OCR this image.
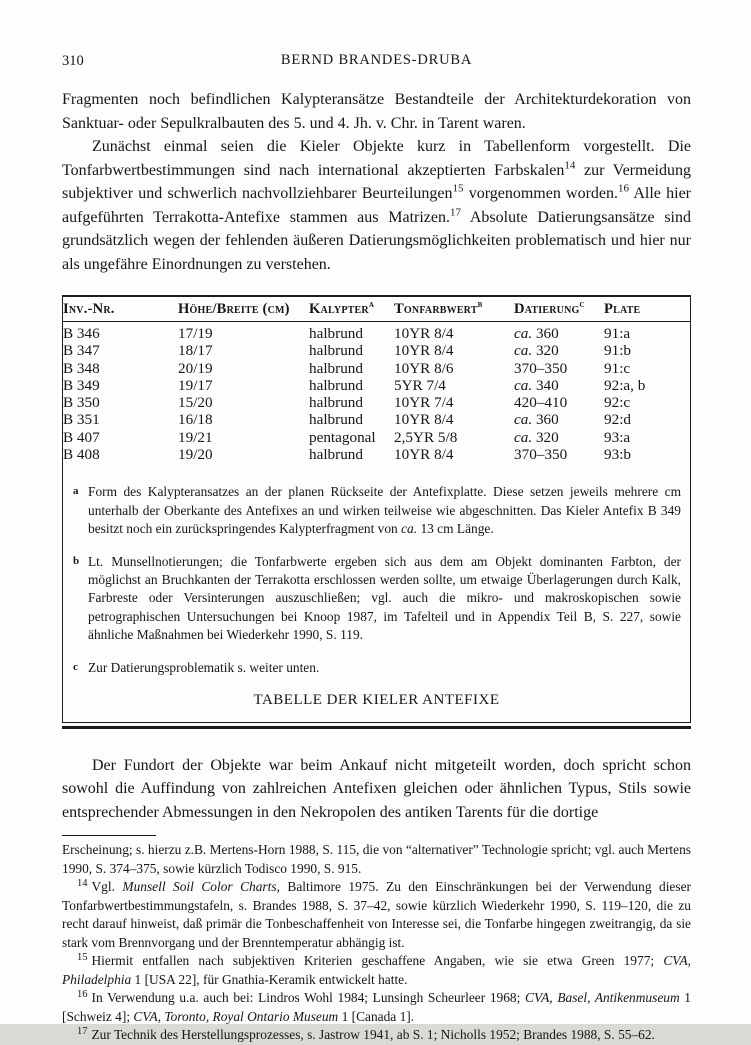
310	BERND BRANDES-DRUBA

Fragmenten noch befindlichen Kalypteransätze Bestandteile der Architekturdekoration von Sanktuar- oder Sepulkralbauten des 5. und 4. Jh. v. Chr. in Tarent waren.

Zunächst einmal seien die Kieler Objekte kurz in Tabellenform vorgestellt. Die Tonfarbwertbestimmungen sind nach international akzeptierten Farbskalen$^{14}$ zur Vermeidung subjektiver und schwerlich nachvollziehbarer Beurteilungen$^{15}$ vorgenommen worden.$^{16}$ Alle hier aufgeführten Terrakotta-Antefixe stammen aus Matrizen.$^{17}$ Absolute Datierungsansätze sind grundsätzlich wegen der fehlenden äußeren Datierungsmöglichkeiten problematisch und hier nur als ungefähre Einordnungen zu verstehen.

Inv.-Nr.	Höhe/Breite (cm)	Kalypter$^a$	Tonfarbwert$^b$	Datierung$^c$	Plate
B 346	17/19	halbrund	10YR 8/4	ca. 360	91:a
B 347	18/17	halbrund	10YR 8/4	ca. 320	91:b
B 348	20/19	halbrund	10YR 8/6	370–350	91:c
B 349	19/17	halbrund	5YR 7/4	ca. 340	92:a, b
B 350	15/20	halbrund	10YR 7/4	420–410	92:c
B 351	16/18	halbrund	10YR 8/4	ca. 360	92:d
B 407	19/21	pentagonal	2,5YR 5/8	ca. 320	93:a
B 408	19/20	halbrund	10YR 8/4	370–350	93:b
a Form des Kalypteransatzes an der planen Rückseite der Antefixplatte. Diese setzen jeweils mehrere cm unterhalb der Oberkante des Antefixes an und wirken teilweise wie abgeschnitten. Das Kieler Antefix B 349 besitzt noch ein zurückspringendes Kalypterfragment von ca. 13 cm Länge.
b Lt. Munsellnotierungen; die Tonfarbwerte ergeben sich aus dem am Objekt dominanten Farbton, der möglichst an Bruchkanten der Terrakotta erschlossen werden sollte, um etwaige Überlagerungen durch Kalk, Farbreste oder Versinterungen auszuschließen; vgl. auch die mikro- und makroskopischen sowie petrographischen Untersuchungen bei Knoop 1987, im Tafelteil und in Appendix Teil B, S. 227, sowie ähnliche Maßnahmen bei Wiederkehr 1990, S. 119.
c Zur Datierungsproblematik s. weiter unten.
TABELLE DER KIELER ANTEFIXE

Der Fundort der Objekte war beim Ankauf nicht mitgeteilt worden, doch spricht schon sowohl die Auffindung von zahlreichen Antefixen gleichen oder ähnlichen Typus, Stils sowie entsprechender Abmessungen in den Nekropolen des antiken Tarents für die dortige

Erscheinung; s. hierzu z.B. Mertens-Horn 1988, S. 115, die von “alternativer” Technologie spricht; vgl. auch Mertens 1990, S. 374–375, sowie kürzlich Todisco 1990, S. 915.

$^{14}$ Vgl. Munsell Soil Color Charts, Baltimore 1975. Zu den Einschränkungen bei der Verwendung dieser Tonfarbwertbestimmungstafeln, s. Brandes 1988, S. 37–42, sowie kürzlich Wiederkehr 1990, S. 119–120, die zu recht darauf hinweist, daß primär die Tonbeschaffenheit von Interesse sei, die Tonfarbe hingegen zweitrangig, da sie stark vom Brennvorgang und der Brenntemperatur abhängig ist.

$^{15}$ Hiermit entfallen nach subjektiven Kriterien geschaffene Angaben, wie sie etwa Green 1977; CVA, Philadelphia 1 [USA 22], für Gnathia-Keramik entwickelt hatte.

$^{16}$ In Verwendung u.a. auch bei: Lindros Wohl 1984; Lunsingh Scheurleer 1968; CVA, Basel, Antikenmuseum 1 [Schweiz 4]; CVA, Toronto, Royal Ontario Museum 1 [Canada 1].

$^{17}$ Zur Technik des Herstellungsprozesses, s. Jastrow 1941, ab S. 1; Nicholls 1952; Brandes 1988, S. 55–62.
